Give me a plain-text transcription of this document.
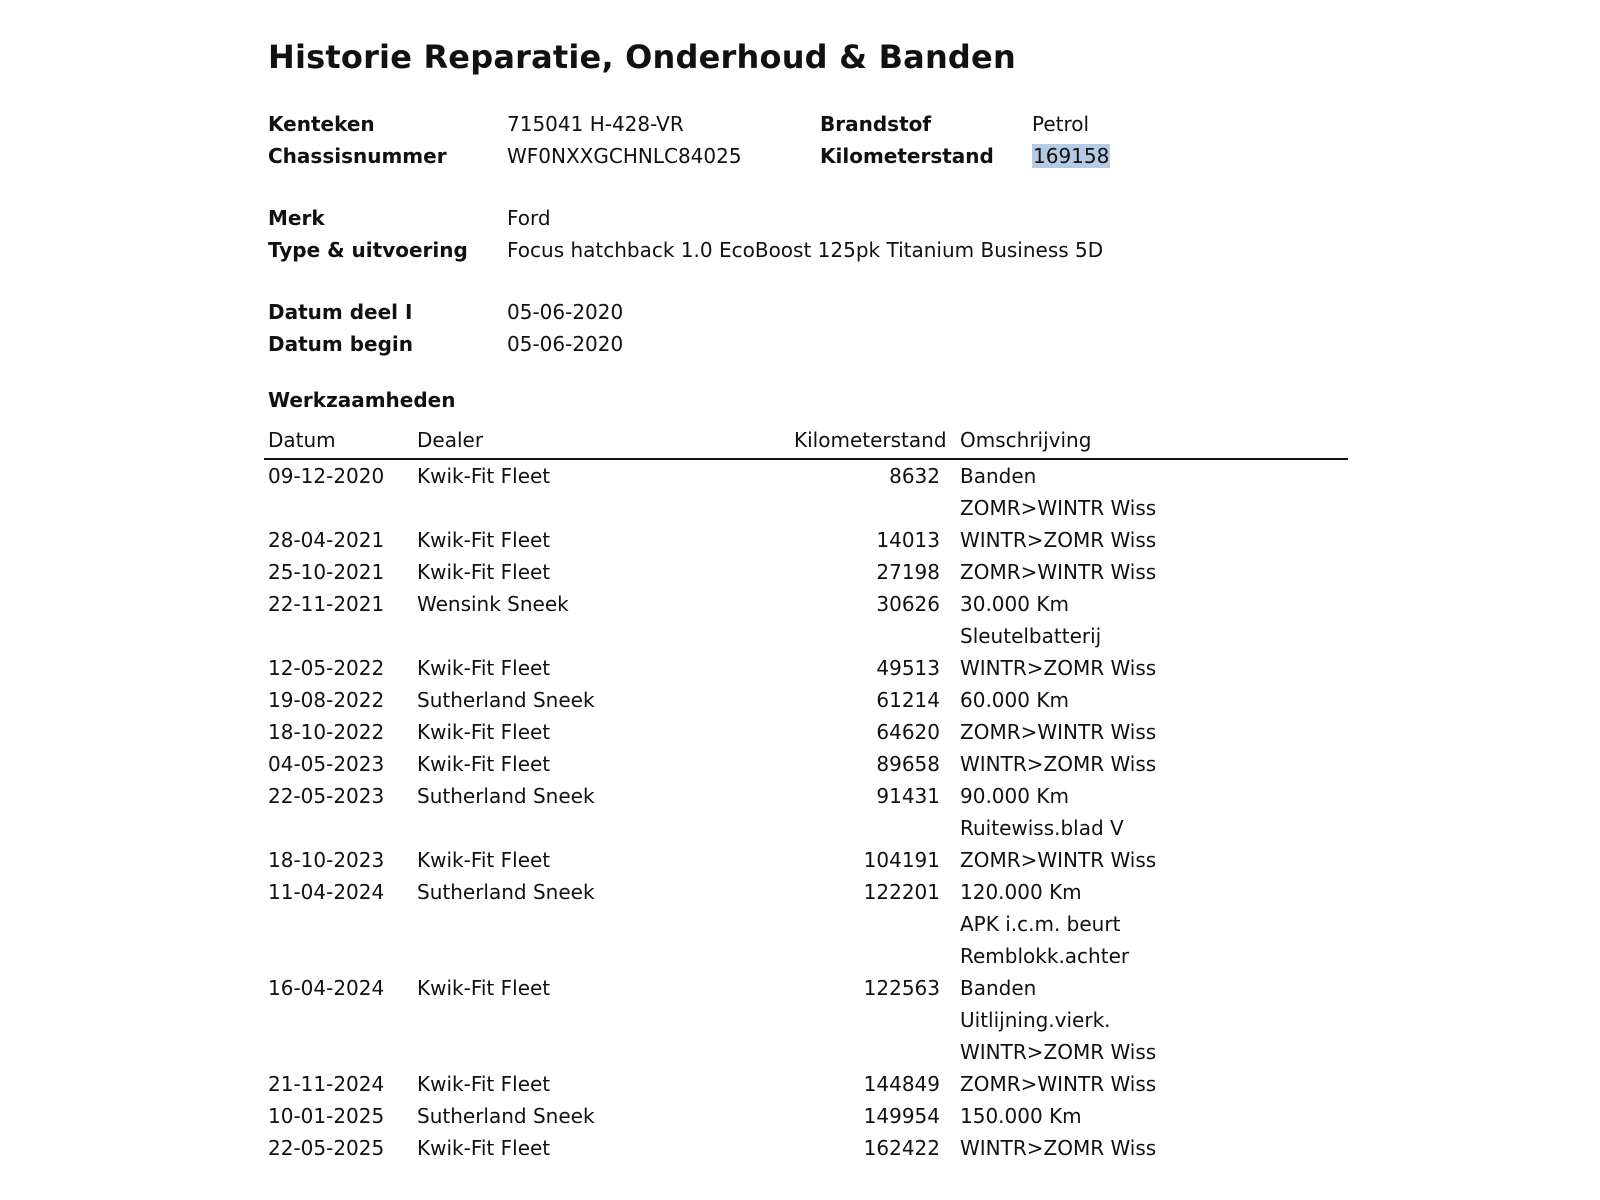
Historie Reparatie, Onderhoud & Banden
Kenteken	715041 H-428-VR	Brandstof	Petrol
Chassisnummer	WF0NXXGCHNLC84025	Kilometerstand 169158
Merk	Ford
Type & uitvoering Focus hatchback 1.0 EcoBoost 125pk Titanium Business 5D
Datum deel I	05-06-2020
Datum begin	05-06-2020
Werkzaamheden
Datum	Dealer	Kilometerstand Omschrijving
09-12-2020 Kwik-Fit Fleet	8632 Banden
ZOMR>WINTR Wiss
28-04-2021 Kwik-Fit Fleet	14013 WINTR>ZOMR Wiss
25-10-2021 Kwik-Fit Fleet	27198 ZOMR>WINTR Wiss
22-11-2021 Wensink Sneek	30626 30.000 Km
Sleutelbatterij
12-05-2022 Kwik-Fit Fleet	49513 WINTR>ZOMR Wiss
19-08-2022 Sutherland Sneek	61214 60.000 Km
18-10-2022 Kwik-Fit Fleet	64620 ZOMR>WINTR Wiss
04-05-2023 Kwik-Fit Fleet	89658 WINTR>ZOMR Wiss
22-05-2023 Sutherland Sneek	91431 90.000 Km
Ruitewiss.blad V
18-10-2023 Kwik-Fit Fleet	104191 ZOMR>WINTR Wiss
11-04-2024 Sutherland Sneek	122201 120.000 Km
APK i.c.m. beurt
Remblokk.achter
16-04-2024 Kwik-Fit Fleet	122563 Banden
Uitlijning.vierk.
WINTR>ZOMR Wiss
21-11-2024 Kwik-Fit Fleet	144849 ZOMR>WINTR Wiss
10-01-2025 Sutherland Sneek	149954 150.000 Km
22-05-2025 Kwik-Fit Fleet	162422 WINTR>ZOMR Wiss
